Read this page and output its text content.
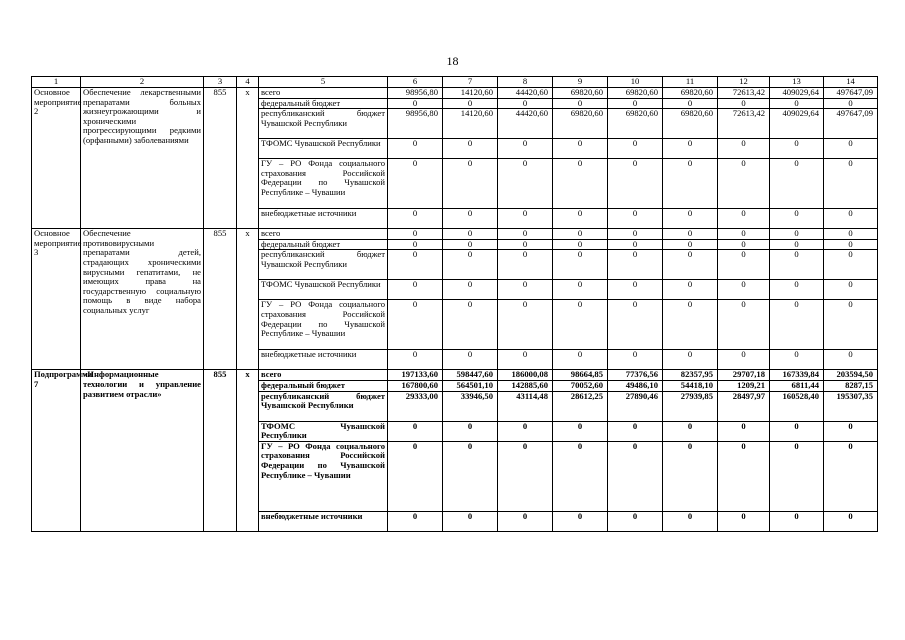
18
1	2	3	4	5	6	7	8	9	10	11	12	13	14
Основное мероприятие 2	Обеспечение лекарственными препаратами больных жизнеугрожающими и хроническими прогрессирующими редкими (орфанными) заболеваниями	855	х	всего	98956,80	14120,60	44420,60	69820,60	69820,60	69820,60	72613,42	409029,64	497647,09
				федеральный бюджет	0	0	0	0	0	0	0	0	0
				республиканский бюджет Чувашской Республики	98956,80	14120,60	44420,60	69820,60	69820,60	69820,60	72613,42	409029,64	497647,09
				ТФОМС Чувашской Республики	0	0	0	0	0	0	0	0	0
				ГУ – РО Фонда социального страхования Российской Федерации по Чувашской Республике – Чувашии	0	0	0	0	0	0	0	0	0
				внебюджетные источники	0	0	0	0	0	0	0	0	0
Основное мероприятие 3	Обеспечение противовирусными препаратами детей, страдающих хроническими вирусными гепатитами, не имеющих права на государственную социальную помощь в виде набора социальных услуг	855	х	всего	0	0	0	0	0	0	0	0	0
				федеральный бюджет	0	0	0	0	0	0	0	0	0
				республиканский бюджет Чувашской Республики	0	0	0	0	0	0	0	0	0
				ТФОМС Чувашской Республики	0	0	0	0	0	0	0	0	0
				ГУ – РО Фонда социального страхования Российской Федерации по Чувашской Республике – Чувашии	0	0	0	0	0	0	0	0	0
				внебюджетные источники	0	0	0	0	0	0	0	0	0
Подпрограмма 7	«Информационные технологии и управление развитием отрасли»	855	х	всего	197133,60	598447,60	186000,08	98664,85	77376,56	82357,95	29707,18	167339,84	203594,50
				федеральный бюджет	167800,60	564501,10	142885,60	70052,60	49486,10	54418,10	1209,21	6811,44	8287,15
				республиканский бюджет Чувашской Республики	29333,00	33946,50	43114,48	28612,25	27890,46	27939,85	28497,97	160528,40	195307,35
				ТФОМС Чувашской Республики	0	0	0	0	0	0	0	0	0
				ГУ – РО Фонда социального страхования Российской Федерации по Чувашской Республике – Чувашии	0	0	0	0	0	0	0	0	0
				внебюджетные источники	0	0	0	0	0	0	0	0	0
